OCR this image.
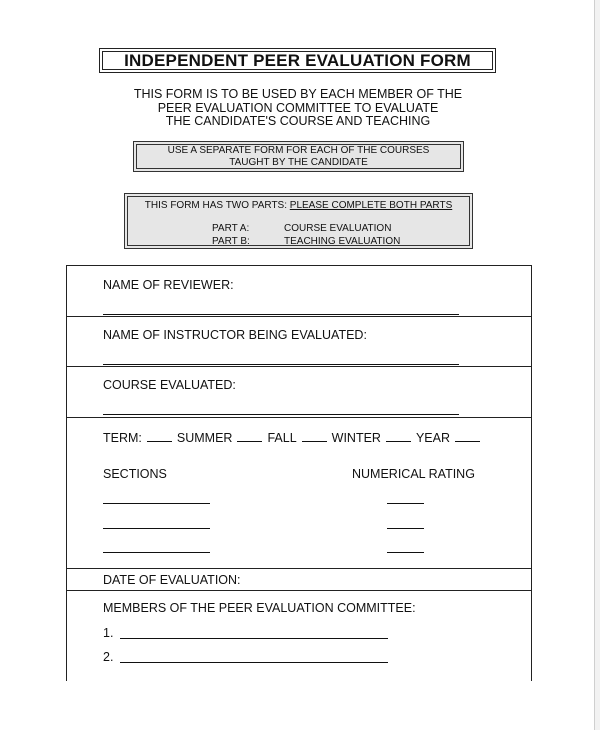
INDEPENDENT PEER EVALUATION FORM
THIS FORM IS TO BE USED BY EACH MEMBER OF THE
PEER EVALUATION COMMITTEE TO EVALUATE
THE CANDIDATE'S COURSE AND TEACHING
USE A SEPARATE FORM FOR EACH OF THE COURSES
TAUGHT BY THE CANDIDATE
THIS FORM HAS TWO PARTS: PLEASE COMPLETE BOTH PARTS
PART A:	COURSE EVALUATION
PART B:	TEACHING EVALUATION
NAME OF REVIEWER:
NAME OF INSTRUCTOR BEING EVALUATED:
COURSE EVALUATED:
TERM:	SUMMER	FALL	WINTER	YEAR
SECTIONS	NUMERICAL RATING
DATE OF EVALUATION:
MEMBERS OF THE PEER EVALUATION COMMITTEE:
1.
2.
